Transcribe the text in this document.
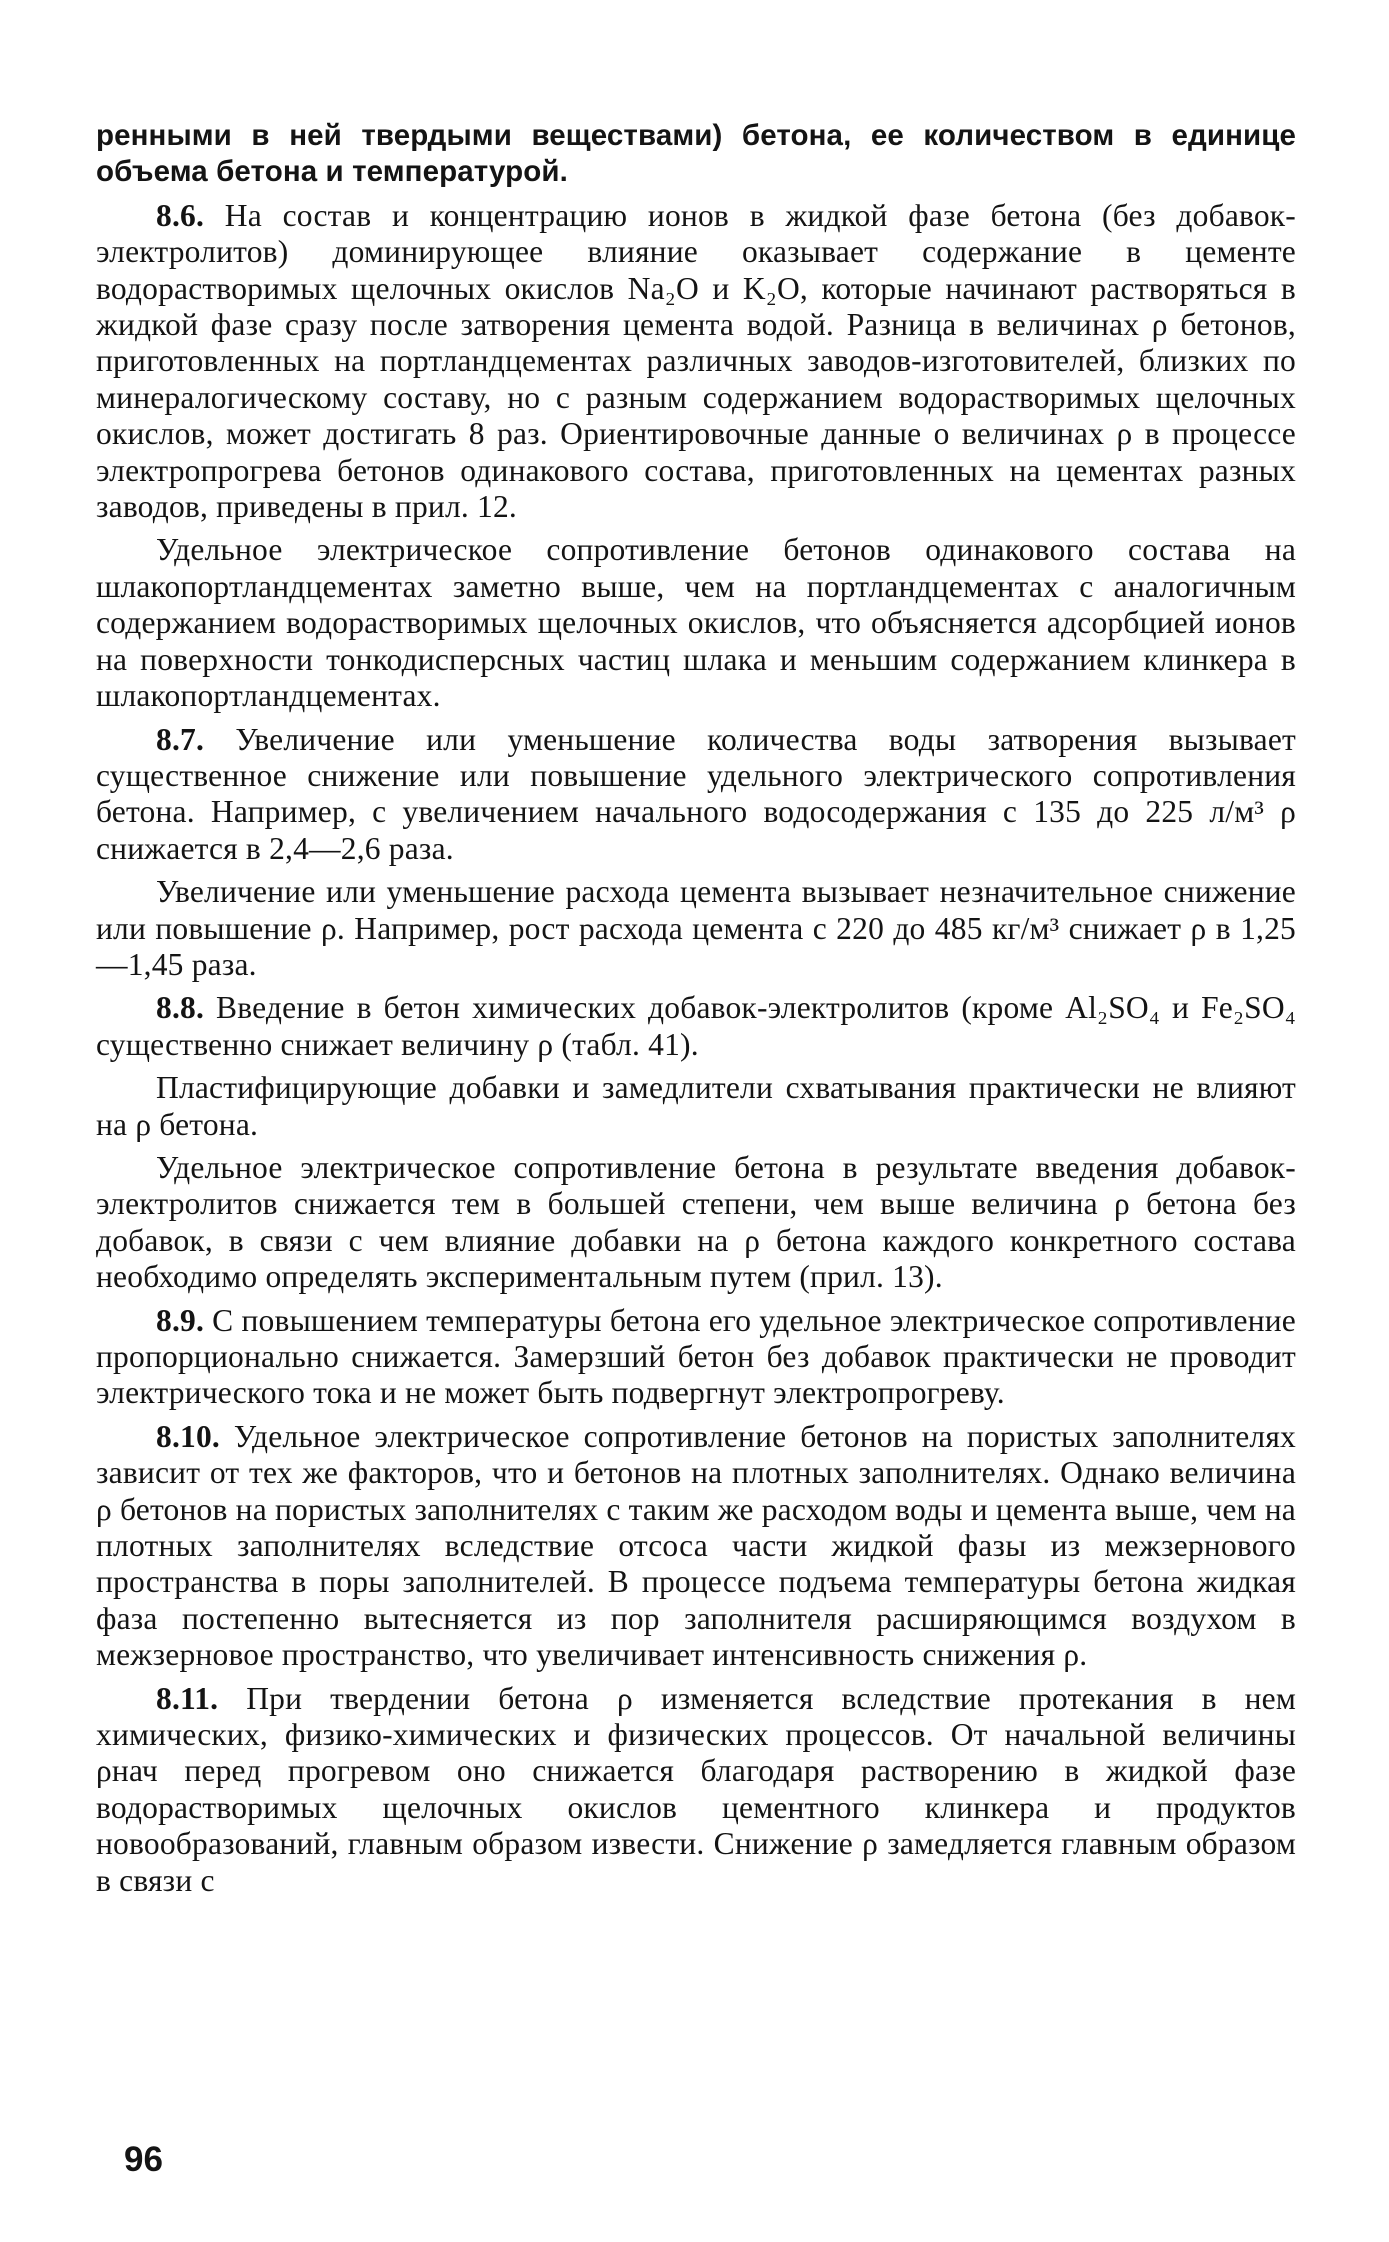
ренными в ней твердыми веществами) бетона, ее количеством в единице объема бетона и температурой.

8.6. На состав и концентрацию ионов в жидкой фазе бетона (без добавок-электролитов) доминирующее влияние оказывает содержание в цементе водорастворимых щелочных окислов Na₂O и K₂O, которые начинают растворяться в жидкой фазе сразу после затворения цемента водой. Разница в величинах ρ бетонов, приготовленных на портландцементах различных заводов-изготовителей, близких по минералогическому составу, но с разным содержанием водорастворимых щелочных окислов, может достигать 8 раз. Ориентировочные данные о величинах ρ в процессе электропрогрева бетонов одинакового состава, приготовленных на цементах разных заводов, приведены в прил. 12.

Удельное электрическое сопротивление бетонов одинакового состава на шлакопортландцементах заметно выше, чем на портландцементах с аналогичным содержанием водорастворимых щелочных окислов, что объясняется адсорбцией ионов на поверхности тонкодисперсных частиц шлака и меньшим содержанием клинкера в шлакопортландцементах.

8.7. Увеличение или уменьшение количества воды затворения вызывает существенное снижение или повышение удельного электрического сопротивления бетона. Например, с увеличением начального водосодержания с 135 до 225 л/м³ ρ снижается в 2,4—2,6 раза.

Увеличение или уменьшение расхода цемента вызывает незначительное снижение или повышение ρ. Например, рост расхода цемента с 220 до 485 кг/м³ снижает ρ в 1,25—1,45 раза.

8.8. Введение в бетон химических добавок-электролитов (кроме Al₂SO₄ и Fe₂SO₄ существенно снижает величину ρ (табл. 41).

Пластифицирующие добавки и замедлители схватывания практически не влияют на ρ бетона.

Удельное электрическое сопротивление бетона в результате введения добавок-электролитов снижается тем в большей степени, чем выше величина ρ бетона без добавок, в связи с чем влияние добавки на ρ бетона каждого конкретного состава необходимо определять экспериментальным путем (прил. 13).

8.9. С повышением температуры бетона его удельное электрическое сопротивление пропорционально снижается. Замерзший бетон без добавок практически не проводит электрического тока и не может быть подвергнут электропрогреву.

8.10. Удельное электрическое сопротивление бетонов на пористых заполнителях зависит от тех же факторов, что и бетонов на плотных заполнителях. Однако величина ρ бетонов на пористых заполнителях с таким же расходом воды и цемента выше, чем на плотных заполнителях вследствие отсоса части жидкой фазы из межзернового пространства в поры заполнителей. В процессе подъема температуры бетона жидкая фаза постепенно вытесняется из пор заполнителя расширяющимся воздухом в межзерновое пространство, что увеличивает интенсивность снижения ρ.

8.11. При твердении бетона ρ изменяется вследствие протекания в нем химических, физико-химических и физических процессов. От начальной величины ρнач перед прогревом оно снижается благодаря растворению в жидкой фазе водорастворимых щелочных окислов цементного клинкера и продуктов новообразований, главным образом извести. Снижение ρ замедляется главным образом в связи с

96
